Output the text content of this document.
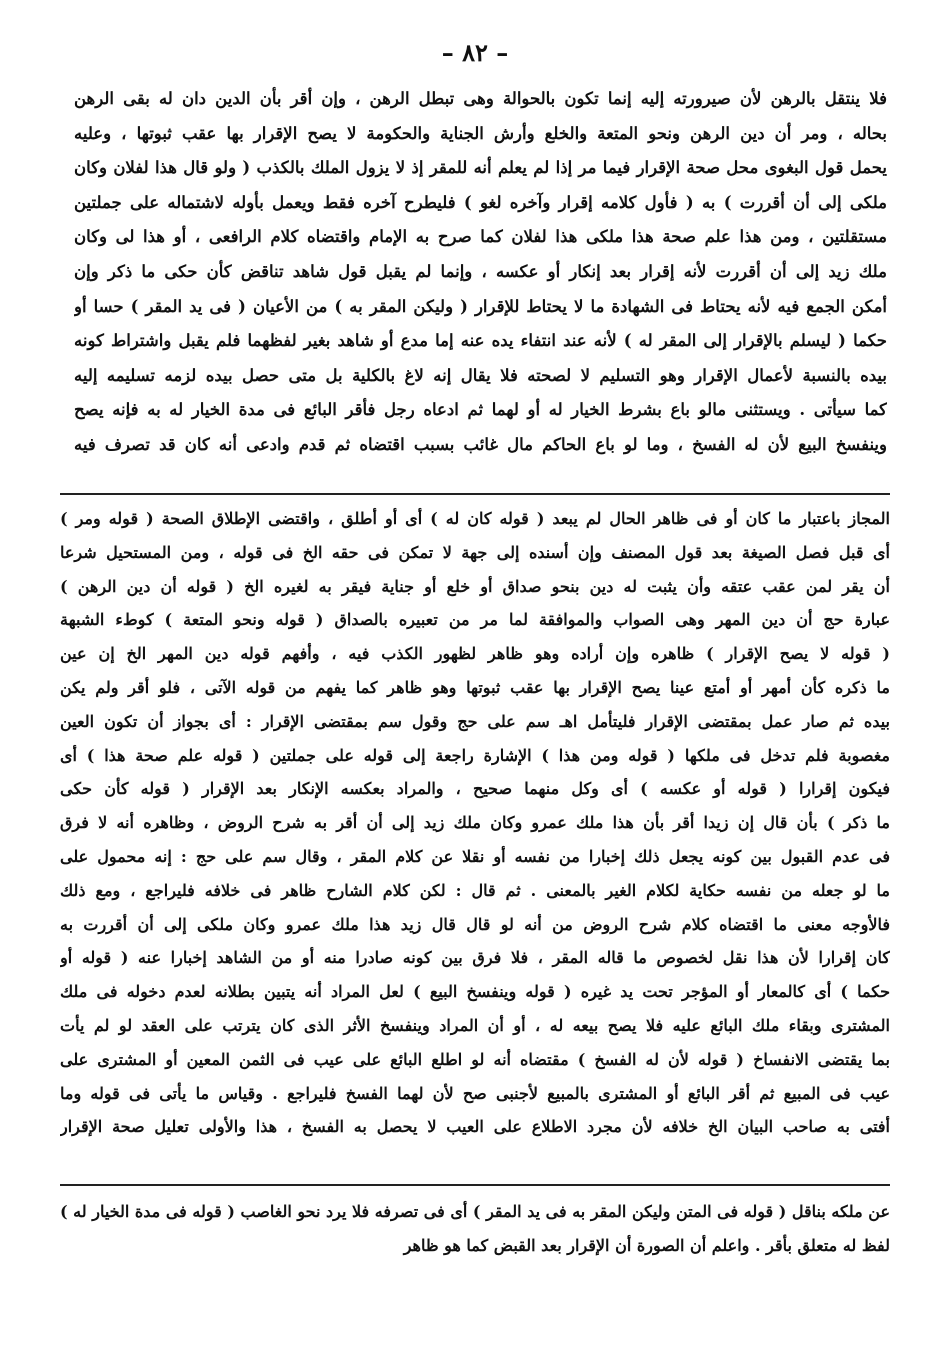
– ٨٢ –
فلا ينتقل بالرهن لأن صيرورته إليه إنما تكون بالحوالة وهى تبطل الرهن ، وإن أقر بأن الدين دان له بقى الرهن
بحاله ، ومر أن دين الرهن ونحو المتعة والخلع وأرش الجناية والحكومة لا يصح الإقرار بها عقب ثبوتها ، وعليه
يحمل قول البغوى محل صحة الإقرار فيما مر إذا لم يعلم أنه للمقر إذ لا يزول الملك بالكذب ( ولو قال هذا لفلان وكان
ملكى إلى أن أقررت ) به ( فأول كلامه إقرار وآخره لغو ) فليطرح آخره فقط ويعمل بأوله لاشتماله على جملتين
مستقلتين ، ومن هذا علم صحة هذا ملكى هذا لفلان كما صرح به الإمام واقتضاه كلام الرافعى ، أو هذا لى وكان
ملك زيد إلى أن أقررت لأنه إقرار بعد إنكار أو عكسه ، وإنما لم يقبل قول شاهد تناقض كأن حكى ما ذكر وإن
أمكن الجمع فيه لأنه يحتاط فى الشهادة ما لا يحتاط للإقرار ( وليكن المقر به ) من الأعيان ( فى يد المقر ) حسا أو
حكما ( ليسلم بالإقرار إلى المقر له ) لأنه عند انتفاء يده عنه إما مدع أو شاهد بغير لفظهما فلم يقبل واشتراط كونه
بيده بالنسبة لأعمال الإقرار وهو التسليم لا لصحته فلا يقال إنه لاغ بالكلية بل متى حصل بيده لزمه تسليمه إليه
كما سيأتى . ويستثنى مالو باع بشرط الخيار له أو لهما ثم ادعاه رجل فأقر البائع فى مدة الخيار له به فإنه يصح
وينفسخ البيع لأن له الفسخ ، وما لو باع الحاكم مال غائب بسبب اقتضاه ثم قدم وادعى أنه كان قد تصرف فيه
المجاز باعتبار ما كان أو فى ظاهر الحال لم يبعد ( قوله كان له ) أى أو أطلق ، واقتضى الإطلاق الصحة ( قوله ومر )
أى قبل فصل الصيغة بعد قول المصنف وإن أسنده إلى جهة لا تمكن فى حقه الخ فى قوله ، ومن المستحيل شرعا
أن يقر لمن عقب عتقه وأن يثبت له دين بنحو صداق أو خلع أو جناية فيقر به لغيره الخ ( قوله أن دين الرهن )
عبارة حج أن دين المهر وهى الصواب والموافقة لما مر من تعبيره بالصداق ( قوله ونحو المتعة ) كوطء الشبهة
( قوله لا يصح الإقرار ) ظاهره وإن أراده وهو ظاهر لظهور الكذب فيه ، وأفهم قوله دين المهر الخ إن عين
ما ذكره كأن أمهر أو أمتع عينا يصح الإقرار بها عقب ثبوتها وهو ظاهر كما يفهم من قوله الآتى ، فلو أقر ولم يكن
بيده ثم صار عمل بمقتضى الإقرار فليتأمل اهـ سم على حج وقول سم بمقتضى الإقرار : أى بجواز أن تكون العين
مغصوبة فلم تدخل فى ملكها ( قوله ومن هذا ) الإشارة راجعة إلى قوله على جملتين ( قوله علم صحة هذا ) أى
فيكون إقرارا ( قوله أو عكسه ) أى وكل منهما صحيح ، والمراد بعكسه الإنكار بعد الإقرار ( قوله كأن حكى
ما ذكر ) بأن قال إن زيدا أقر بأن هذا ملك عمرو وكان ملك زيد إلى أن أقر به شرح الروض ، وظاهره أنه لا فرق
فى عدم القبول بين كونه يجعل ذلك إخبارا من نفسه أو نقلا عن كلام المقر ، وقال سم على حج : إنه محمول على
ما لو جعله من نفسه حكاية لكلام الغير بالمعنى . ثم قال : لكن كلام الشارح ظاهر فى خلافه فليراجع ، ومع ذلك
فالأوجه معنى ما اقتضاه كلام شرح الروض من أنه لو قال قال زيد هذا ملك عمرو وكان ملكى إلى أن أقررت به
كان إقرارا لأن هذا نقل لخصوص ما قاله المقر ، فلا فرق بين كونه صادرا منه أو من الشاهد إخبارا عنه ( قوله أو
حكما ) أى كالمعار أو المؤجر تحت يد غيره ( قوله وينفسخ البيع ) لعل المراد أنه يتبين بطلانه لعدم دخوله فى ملك
المشترى وبقاء ملك البائع عليه فلا يصح بيعه له ، أو أن المراد وينفسخ الأثر الذى كان يترتب على العقد لو لم يأت
بما يقتضى الانفساخ ( قوله لأن له الفسخ ) مقتضاه أنه لو اطلع البائع على عيب فى الثمن المعين أو المشترى على
عيب فى المبيع ثم أقر البائع أو المشترى بالمبيع لأجنبى صح لأن لهما الفسخ فليراجع . وقياس ما يأتى فى قوله وما
أفتى به صاحب البيان الخ خلافه لأن مجرد الاطلاع على العيب لا يحصل به الفسخ ، هذا والأولى تعليل صحة الإقرار
عن ملكه بناقل ( قوله فى المتن وليكن المقر به فى يد المقر ) أى فى تصرفه فلا يرد نحو الغاصب ( قوله فى مدة الخيار له )
لفظ له متعلق بأقر . واعلم أن الصورة أن الإقرار بعد القبض كما هو ظاهر
